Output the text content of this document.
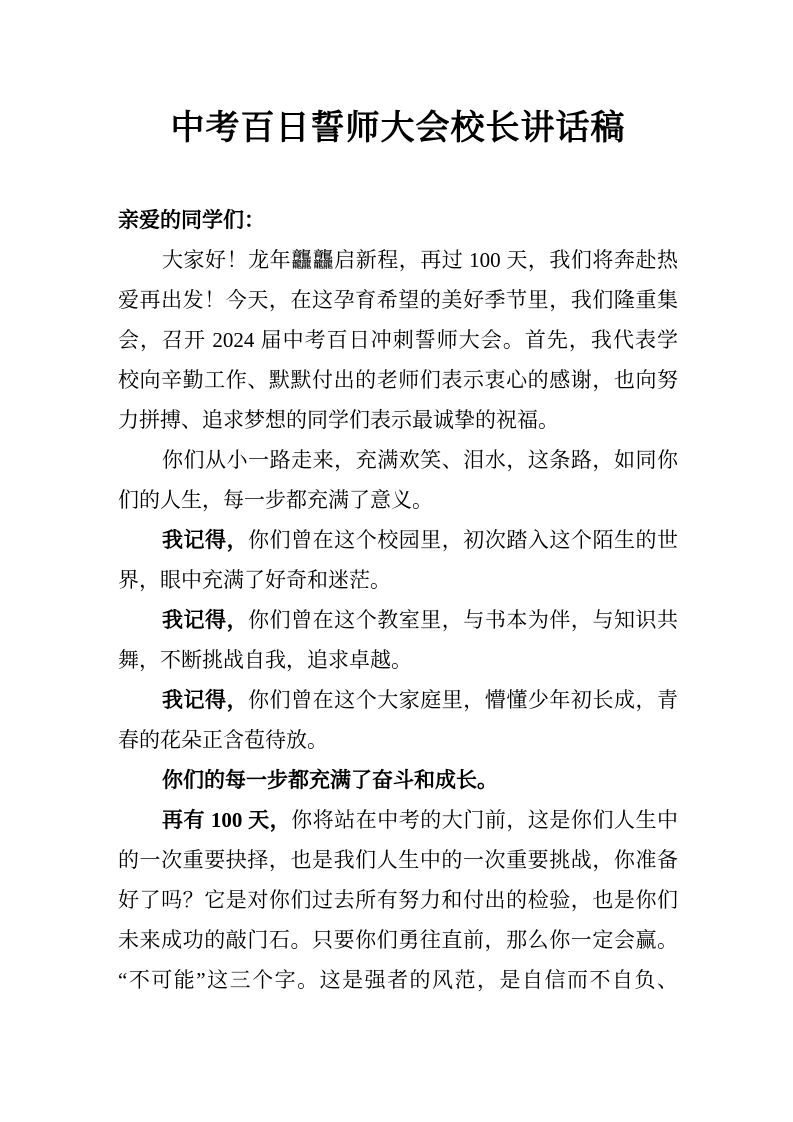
中考百日誓师大会校长讲话稿
亲爱的同学们：
大家好！龙年龘龘启新程，再过 100 天，我们将奔赴热
爱再出发！今天，在这孕育希望的美好季节里，我们隆重集
会，召开 2024 届中考百日冲刺誓师大会。首先，我代表学
校向辛勤工作、默默付出的老师们表示衷心的感谢，也向努
力拼搏、追求梦想的同学们表示最诚挚的祝福。
你们从小一路走来，充满欢笑、泪水，这条路，如同你
们的人生，每一步都充满了意义。
我记得，你们曾在这个校园里，初次踏入这个陌生的世
界，眼中充满了好奇和迷茫。
我记得，你们曾在这个教室里，与书本为伴，与知识共
舞，不断挑战自我，追求卓越。
我记得，你们曾在这个大家庭里，懵懂少年初长成，青
春的花朵正含苞待放。
你们的每一步都充满了奋斗和成长。
再有 100 天，你将站在中考的大门前，这是你们人生中
的一次重要抉择，也是我们人生中的一次重要挑战，你准备
好了吗？它是对你们过去所有努力和付出的检验，也是你们
未来成功的敲门石。只要你们勇往直前，那么你一定会赢。
“不可能”这三个字。这是强者的风范，是自信而不自负、
